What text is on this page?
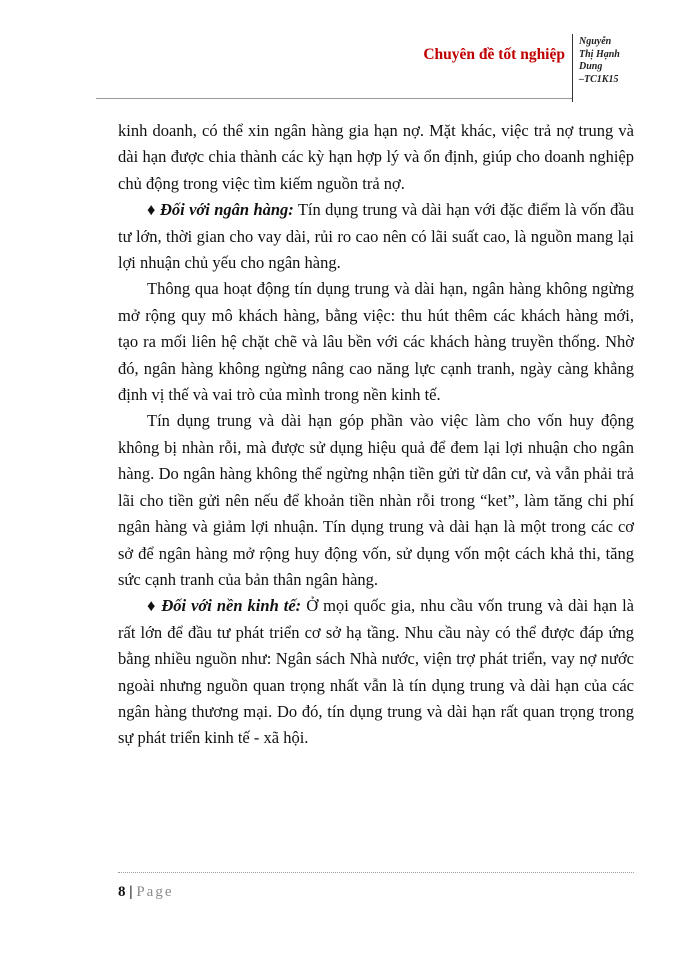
Chuyên đề tốt nghiệp
Nguyễn
Thị Hạnh
Dung
–TC1K15

kinh doanh, có thể xin ngân hàng gia hạn nợ. Mặt khác, việc trả nợ trung và dài hạn được chia thành các kỳ hạn hợp lý và ổn định, giúp cho doanh nghiệp chủ động trong việc tìm kiếm nguồn trả nợ.

♦ Đối với ngân hàng: Tín dụng trung và dài hạn với đặc điểm là vốn đầu tư lớn, thời gian cho vay dài, rủi ro cao nên có lãi suất cao, là nguồn mang lại lợi nhuận chủ yếu cho ngân hàng.

Thông qua hoạt động tín dụng trung và dài hạn, ngân hàng không ngừng mở rộng quy mô khách hàng, bằng việc: thu hút thêm các khách hàng mới, tạo ra mối liên hệ chặt chẽ và lâu bền với các khách hàng truyền thống. Nhờ đó, ngân hàng không ngừng nâng cao năng lực cạnh tranh, ngày càng khẳng định vị thế và vai trò của mình trong nền kinh tế.

Tín dụng trung và dài hạn góp phần vào việc làm cho vốn huy động không bị nhàn rỗi, mà được sử dụng hiệu quả để đem lại lợi nhuận cho ngân hàng. Do ngân hàng không thể ngừng nhận tiền gửi từ dân cư, và vẫn phải trả lãi cho tiền gửi nên nếu để khoản tiền nhàn rỗi trong “ket”, làm tăng chi phí ngân hàng và giảm lợi nhuận. Tín dụng trung và dài hạn là một trong các cơ sở để ngân hàng mở rộng huy động vốn, sử dụng vốn một cách khả thi, tăng sức cạnh tranh của bản thân ngân hàng.

♦ Đối với nền kinh tế: Ở mọi quốc gia, nhu cầu vốn trung và dài hạn là rất lớn để đầu tư phát triển cơ sở hạ tầng. Nhu cầu này có thể được đáp ứng bằng nhiều nguồn như: Ngân sách Nhà nước, viện trợ phát triển, vay nợ nước ngoài nhưng nguồn quan trọng nhất vẫn là tín dụng trung và dài hạn của các ngân hàng thương mại. Do đó, tín dụng trung và dài hạn rất quan trọng trong sự phát triển kinh tế - xã hội.

8 | Page
